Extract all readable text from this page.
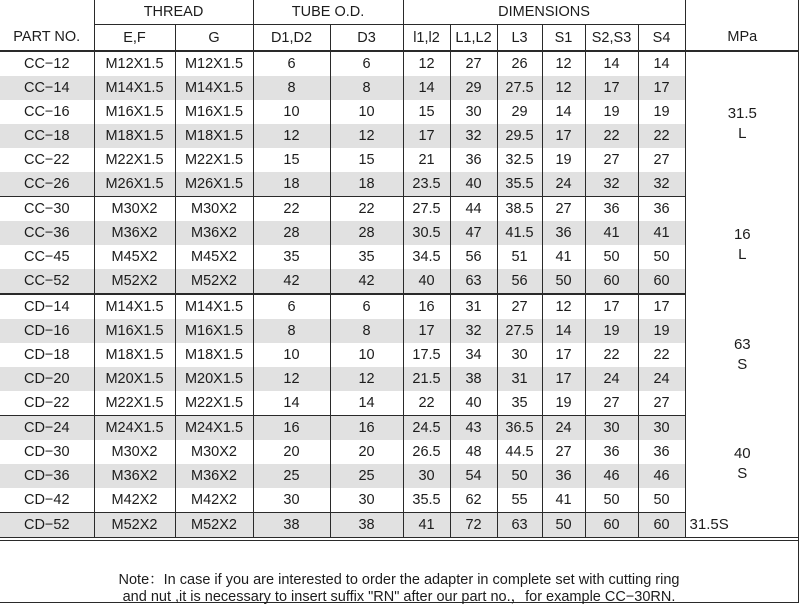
	THREAD		TUBE O.D.		DIMENSIONS						
PART NO.	E,F	G	D1,D2	D3	l1,l2	L1,L2	L3	S1	S2,S3	S4	MPa
CC−12	M12X1.5	M12X1.5	6	6	12	27	26	12	14	14	31.5
L

CC−14	M14X1.5	M14X1.5	8	8	14	29	27.5	12	17	17	
CC−16	M16X1.5	M16X1.5	10	10	15	30	29	14	19	19	
CC−18	M18X1.5	M18X1.5	12	12	17	32	29.5	17	22	22	
CC−22	M22X1.5	M22X1.5	15	15	21	36	32.5	19	27	27	
CC−26	M26X1.5	M26X1.5	18	18	23.5	40	35.5	24	32	32	
CC−30	M30X2	M30X2	22	22	27.5	44	38.5	27	36	36	16
L

CC−36	M36X2	M36X2	28	28	30.5	47	41.5	36	41	41	
CC−45	M45X2	M45X2	35	35	34.5	56	51	41	50	50	
CC−52	M52X2	M52X2	42	42	40	63	56	50	60	60	
CD−14	M14X1.5	M14X1.5	6	6	16	31	27	12	17	17	63
S

CD−16	M16X1.5	M16X1.5	8	8	17	32	27.5	14	19	19	
CD−18	M18X1.5	M18X1.5	10	10	17.5	34	30	17	22	22	
CD−20	M20X1.5	M20X1.5	12	12	21.5	38	31	17	24	24	
CD−22	M22X1.5	M22X1.5	14	14	22	40	35	19	27	27	
CD−24	M24X1.5	M24X1.5	16	16	24.5	43	36.5	24	30	30	40
S

CD−30	M30X2	M30X2	20	20	26.5	48	44.5	27	36	36	
CD−36	M36X2	M36X2	25	25	30	54	50	36	46	46	
CD−42	M42X2	M42X2	30	30	35.5	62	55	41	50	50	
CD−52	M52X2	M52X2	38	38	41	72	63	50	60	60	31.5S
Note：In case if you are interested to order the adapter in complete set with cutting ring
and nut ,it is necessary to insert suffix "RN" after our part no.，for example CC−30RN.
